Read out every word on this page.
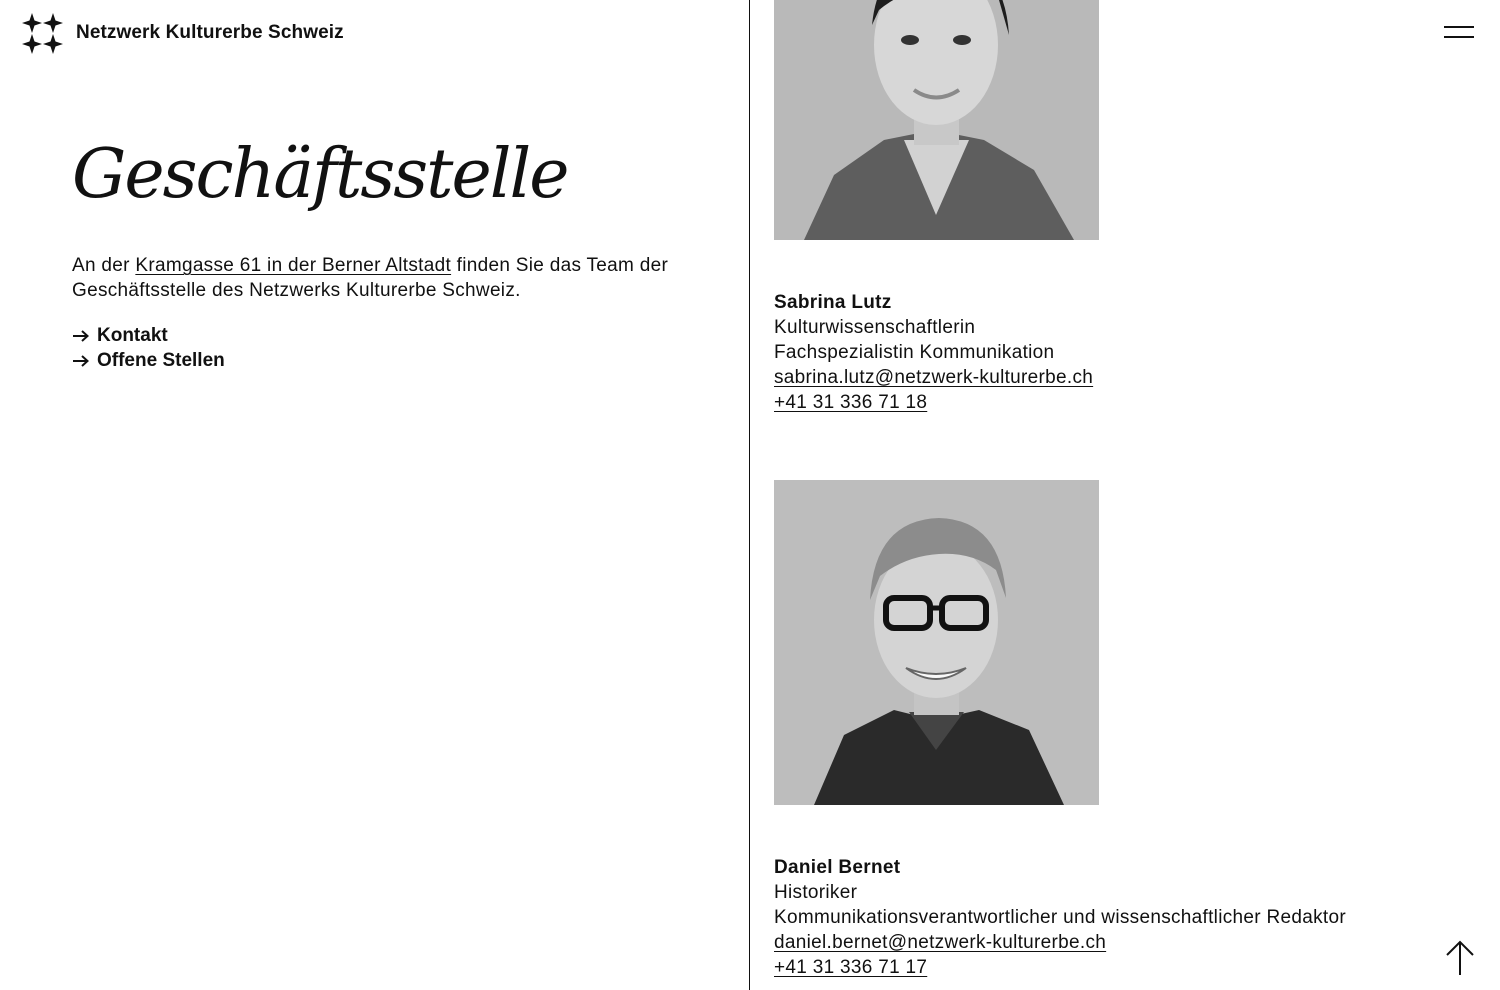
Netzwerk Kulturerbe Schweiz
Geschäftsstelle

An der Kramgasse 61 in der Berner Altstadt finden Sie das Team der Geschäftsstelle des Netzwerks Kulturerbe Schweiz.

Kontakt
Offene Stellen
Sabrina Lutz
Kulturwissenschaftlerin
Fachspezialistin Kommunikation
sabrina.lutz@netzwerk-kulturerbe.ch
+41 31 336 71 18
Daniel Bernet
Historiker
Kommunikationsverantwortlicher und wissenschaftlicher Redaktor
daniel.bernet@netzwerk-kulturerbe.ch
+41 31 336 71 17
